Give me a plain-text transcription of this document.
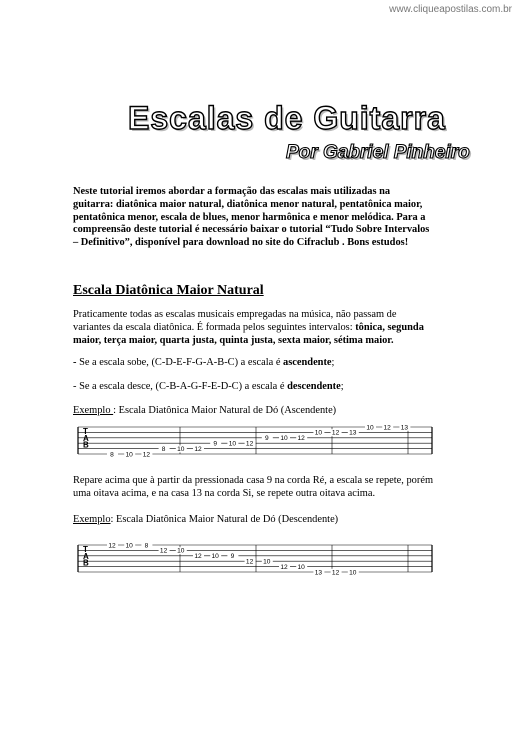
www.cliqueapostilas.com.br
Escalas de Guitarra
Por Gabriel Pinheiro
Neste tutorial iremos abordar a formação das escalas mais utilizadas na guitarra: diatônica maior natural, diatônica menor natural, pentatônica maior, pentatônica menor, escala de blues, menor harmônica e menor melódica. Para a compreensão deste tutorial é necessário baixar o tutorial “Tudo Sobre Intervalos – Definitivo”, disponível para download no site do Cifraclub . Bons estudos!
Escala Diatônica Maior Natural
Praticamente todas as escalas musicais empregadas na música, não passam de variantes da escala diatônica. É formada pelos seguintes intervalos: tônica, segunda maior, terça maior, quarta justa, quinta justa, sexta maior, sétima maior.
- Se a escala sobe, (C-D-E-F-G-A-B-C) a escala é ascendente;
- Se a escala desce, (C-B-A-G-F-E-D-C) a escala é descendente;
Exemplo : Escala Diatônica Maior Natural de Dó (Ascendente)
T
A
B
8 10 12
8 10 12
9 10 12
9 10 12
10 12 13
10 12 13
Repare acima que à partir da pressionada casa 9 na corda Ré, a escala se repete, porém uma oitava acima, e na casa 13 na corda Si, se repete outra oitava acima.
Exemplo: Escala Diatônica Maior Natural de Dó (Descendente)
T
A
B
12 10 8
12 10
12 10 9
12 10
12 10
13 12 10
